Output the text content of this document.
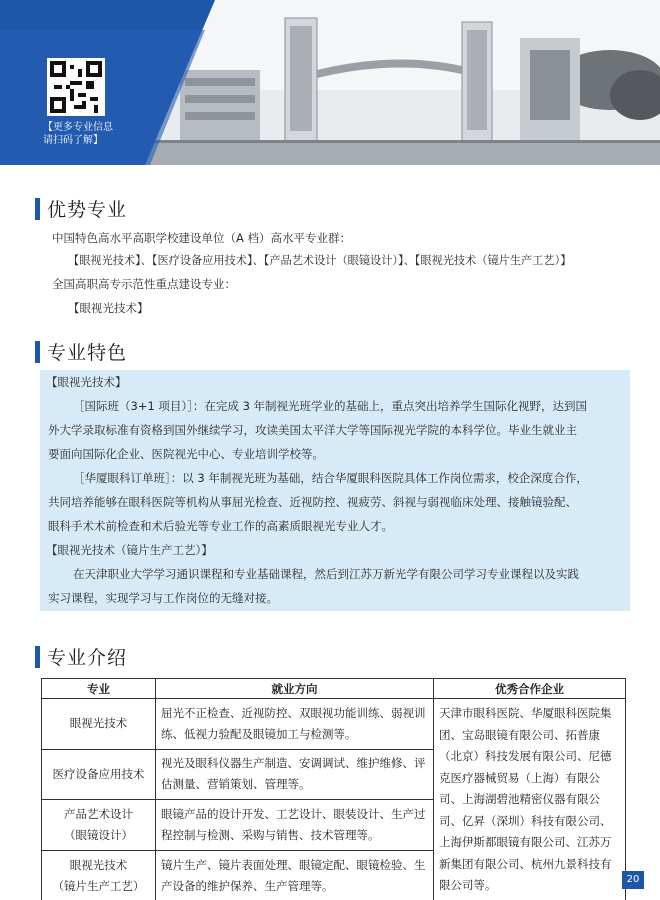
【更多专业信息
请扫码了解】
优势专业
中国特色高水平高职学校建设单位（A 档）高水平专业群：
【眼视光技术】、【医疗设备应用技术】、【产品艺术设计（眼镜设计）】、【眼视光技术（镜片生产工艺）】
全国高职高专示范性重点建设专业：
【眼视光技术】
专业特色
【眼视光技术】
［国际班（3+1 项目）］：在完成 3 年制视光班学业的基础上，重点突出培养学生国际化视野，达到国
外大学录取标准有资格到国外继续学习，攻读美国太平洋大学等国际视光学院的本科学位。毕业生就业主
要面向国际化企业、医院视光中心、专业培训学校等。
［华厦眼科订单班］：以 3 年制视光班为基础，结合华厦眼科医院具体工作岗位需求，校企深度合作，
共同培养能够在眼科医院等机构从事屈光检查、近视防控、视疲劳、斜视与弱视临床处理、接触镜验配、
眼科手术术前检查和术后验光等专业工作的高素质眼视光专业人才。
【眼视光技术（镜片生产工艺）】
在天津职业大学学习通识课程和专业基础课程，然后到江苏万新光学有限公司学习专业课程以及实践
实习课程，实现学习与工作岗位的无缝对接。
专业介绍
专业	就业方向	优秀合作企业

眼视光技术	屈光不正检查、近视防控、双眼视功能训练、弱视训练、低视力验配及眼镜加工与检测等。	天津市眼科医院、华厦眼科医院集团、宝岛眼镜有限公司、拓普康（北京）科技发展有限公司、尼德克医疗器械贸易（上海）有限公司、上海湖碧池精密仪器有限公司、亿昇（深圳）科技有限公司、上海伊斯都眼镜有限公司、江苏万新集团有限公司、杭州九景科技有限公司等。

医疗设备应用技术	视光及眼科仪器生产制造、安调调试、维护维修、评估测量、营销策划、管理等。	

产品艺术设计
（眼镜设计）	眼镜产品的设计开发、工艺设计、眼装设计、生产过程控制与检测、采购与销售、技术管理等。	

眼视光技术
（镜片生产工艺）	镜片生产、镜片表面处理、眼镜定配、眼镜检验、生产设备的维护保养、生产管理等。		20
